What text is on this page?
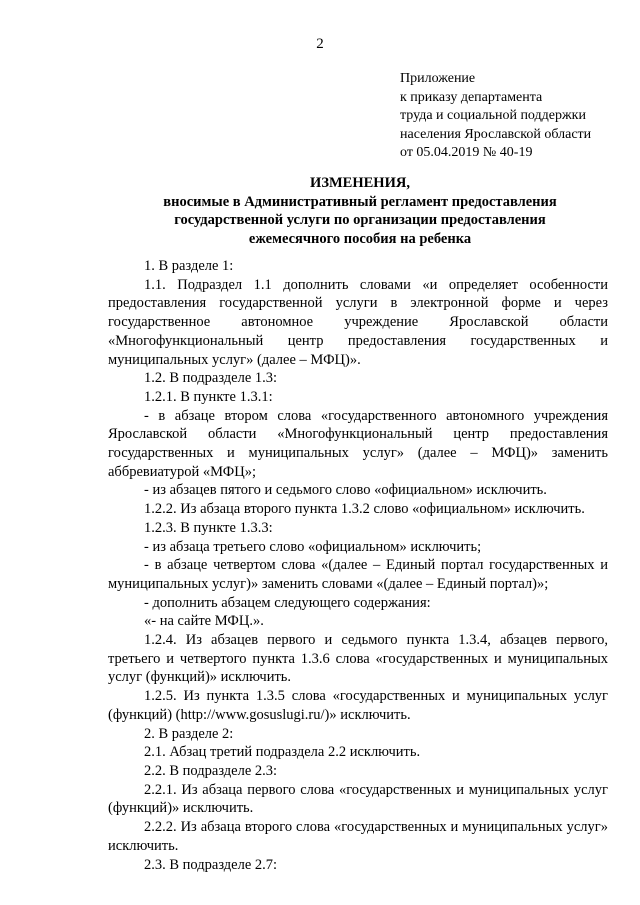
2
Приложение
к приказу департамента
труда и социальной поддержки
населения Ярославской области
от 05.04.2019 № 40-19
ИЗМЕНЕНИЯ,
вносимые в Административный регламент предоставления
государственной услуги по организации предоставления
ежемесячного пособия на ребенка

1. В разделе 1:

1.1. Подраздел 1.1 дополнить словами «и определяет особенности предоставления государственной услуги в электронной форме и через государственное автономное учреждение Ярославской области «Многофункциональный центр предоставления государственных и муниципальных услуг» (далее – МФЦ)».

1.2. В подразделе 1.3:

1.2.1. В пункте 1.3.1:

- в абзаце втором слова «государственного автономного учреждения Ярославской области «Многофункциональный центр предоставления государственных и муниципальных услуг» (далее – МФЦ)» заменить аббревиатурой «МФЦ»;

- из абзацев пятого и седьмого слово «официальном» исключить.

1.2.2. Из абзаца второго пункта 1.3.2 слово «официальном» исключить.

1.2.3. В пункте 1.3.3:

- из абзаца третьего слово «официальном» исключить;

- в абзаце четвертом слова «(далее – Единый портал государственных и муниципальных услуг)» заменить словами «(далее – Единый портал)»;

- дополнить абзацем следующего содержания:

«- на сайте МФЦ.».

1.2.4. Из абзацев первого и седьмого пункта 1.3.4, абзацев первого, третьего и четвертого пункта 1.3.6 слова «государственных и муниципальных услуг (функций)» исключить.

1.2.5. Из пункта 1.3.5 слова «государственных и муниципальных услуг (функций) (http://www.gosuslugi.ru/)» исключить.

2. В разделе 2:

2.1. Абзац третий подраздела 2.2 исключить.

2.2. В подразделе 2.3:

2.2.1. Из абзаца первого слова «государственных и муниципальных услуг (функций)» исключить.

2.2.2. Из абзаца второго слова «государственных и муниципальных услуг» исключить.

2.3. В подразделе 2.7:
